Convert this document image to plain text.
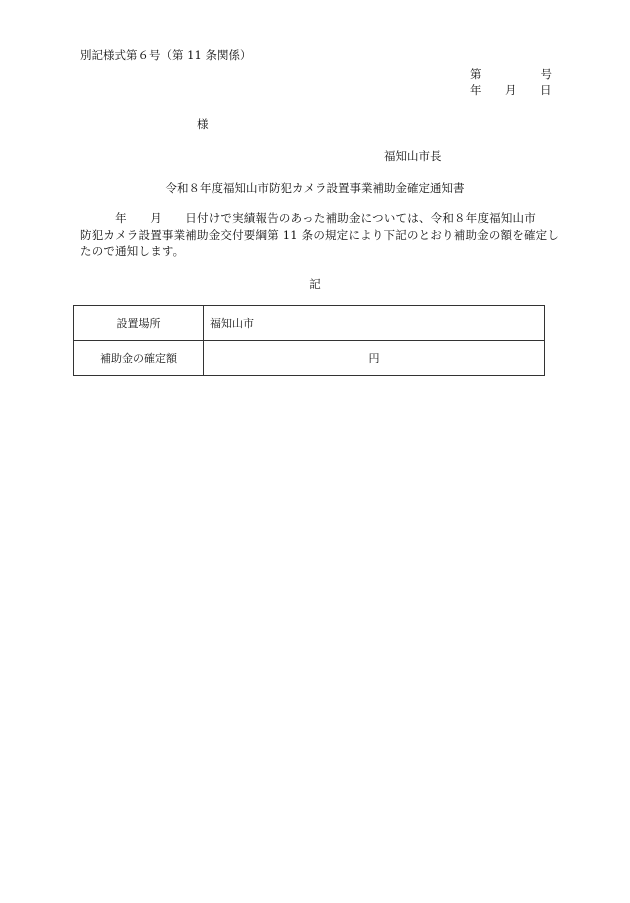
別記様式第６号（第 11 条関係）
第	号
年 月 日
様
福知山市長
令和８年度福知山市防犯カメラ設置事業補助金確定通知書
　　　年　　月　　日付けで実績報告のあった補助金については、令和８年度福知山市
防犯カメラ設置事業補助金交付要綱第 11 条の規定により下記のとおり補助金の額を確定し
たので通知します。
記
設置場所	福知山市
補助金の確定額	円
